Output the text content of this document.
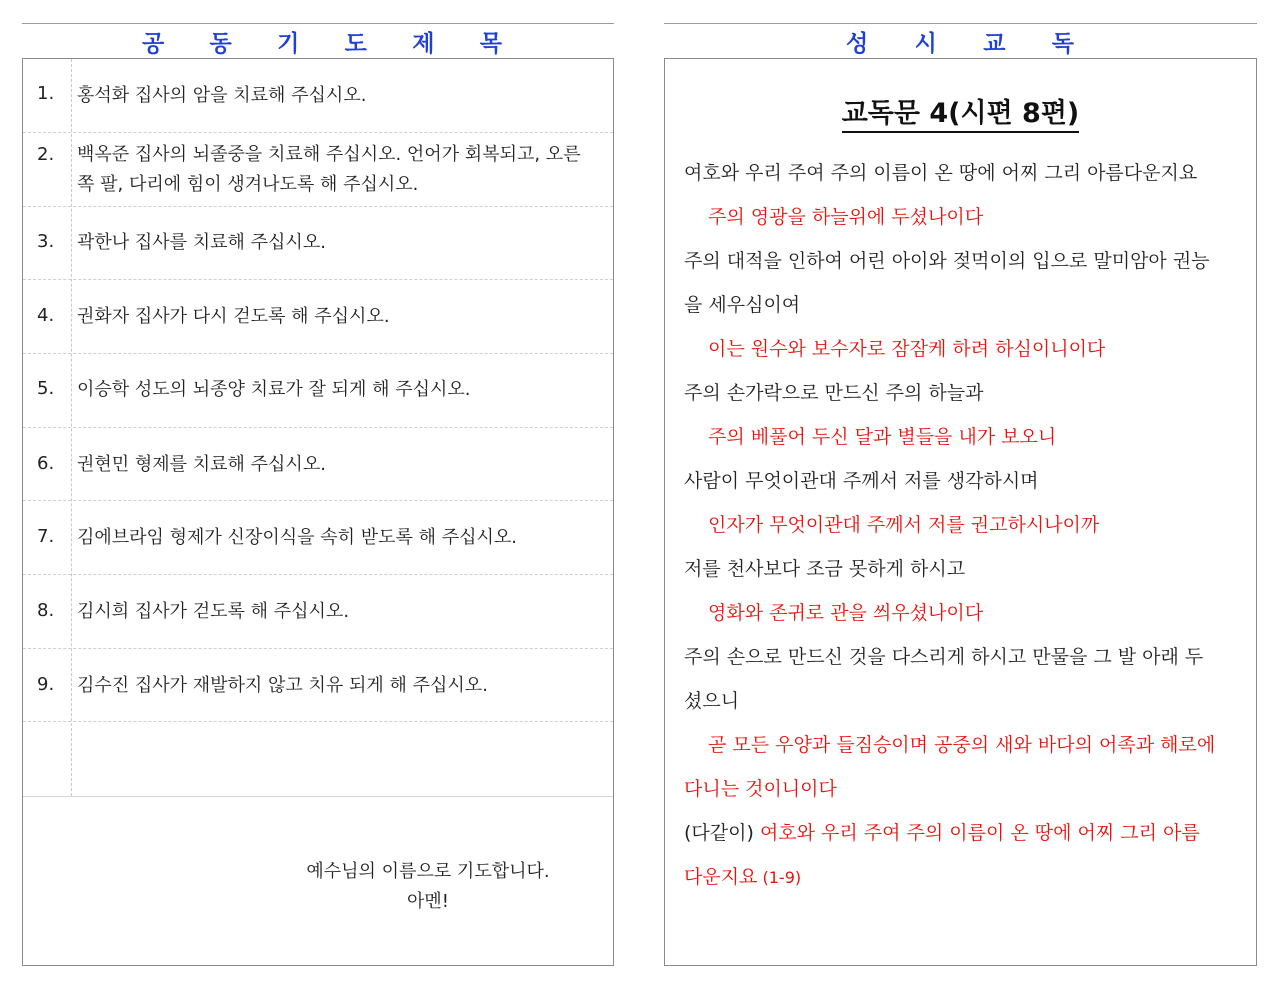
공 동 기 도 제 목
1. 홍석화 집사의 암을 치료해 주십시오.
2. 백옥준 집사의 뇌졸중을 치료해 주십시오. 언어가 회복되고, 오른쪽 팔, 다리에 힘이 생겨나도록 해 주십시오.
3. 곽한나 집사를 치료해 주십시오.
4. 권화자 집사가 다시 걷도록 해 주십시오.
5. 이승학 성도의 뇌종양 치료가 잘 되게 해 주십시오.
6. 권현민 형제를 치료해 주십시오.
7. 김에브라임 형제가 신장이식을 속히 받도록 해 주십시오.
8. 김시희 집사가 걷도록 해 주십시오.
9. 김수진 집사가 재발하지 않고 치유 되게 해 주십시오.
예수님의 이름으로 기도합니다.
아멘!
성 시 교 독
교독문 4(시편 8편)
여호와 우리 주여 주의 이름이 온 땅에 어찌 그리 아름다운지요
주의 영광을 하늘위에 두셨나이다
주의 대적을 인하여 어린 아이와 젖먹이의 입으로 말미암아 권능
을 세우심이여
이는 원수와 보수자로 잠잠케 하려 하심이니이다
주의 손가락으로 만드신 주의 하늘과
주의 베풀어 두신 달과 별들을 내가 보오니
사람이 무엇이관대 주께서 저를 생각하시며
인자가 무엇이관대 주께서 저를 권고하시나이까
저를 천사보다 조금 못하게 하시고
영화와 존귀로 관을 씌우셨나이다
주의 손으로 만드신 것을 다스리게 하시고 만물을 그 발 아래 두
셨으니
곧 모든 우양과 들짐승이며 공중의 새와 바다의 어족과 해로에
다니는 것이니이다
(다같이) 여호와 우리 주여 주의 이름이 온 땅에 어찌 그리 아름
다운지요 (1-9)
